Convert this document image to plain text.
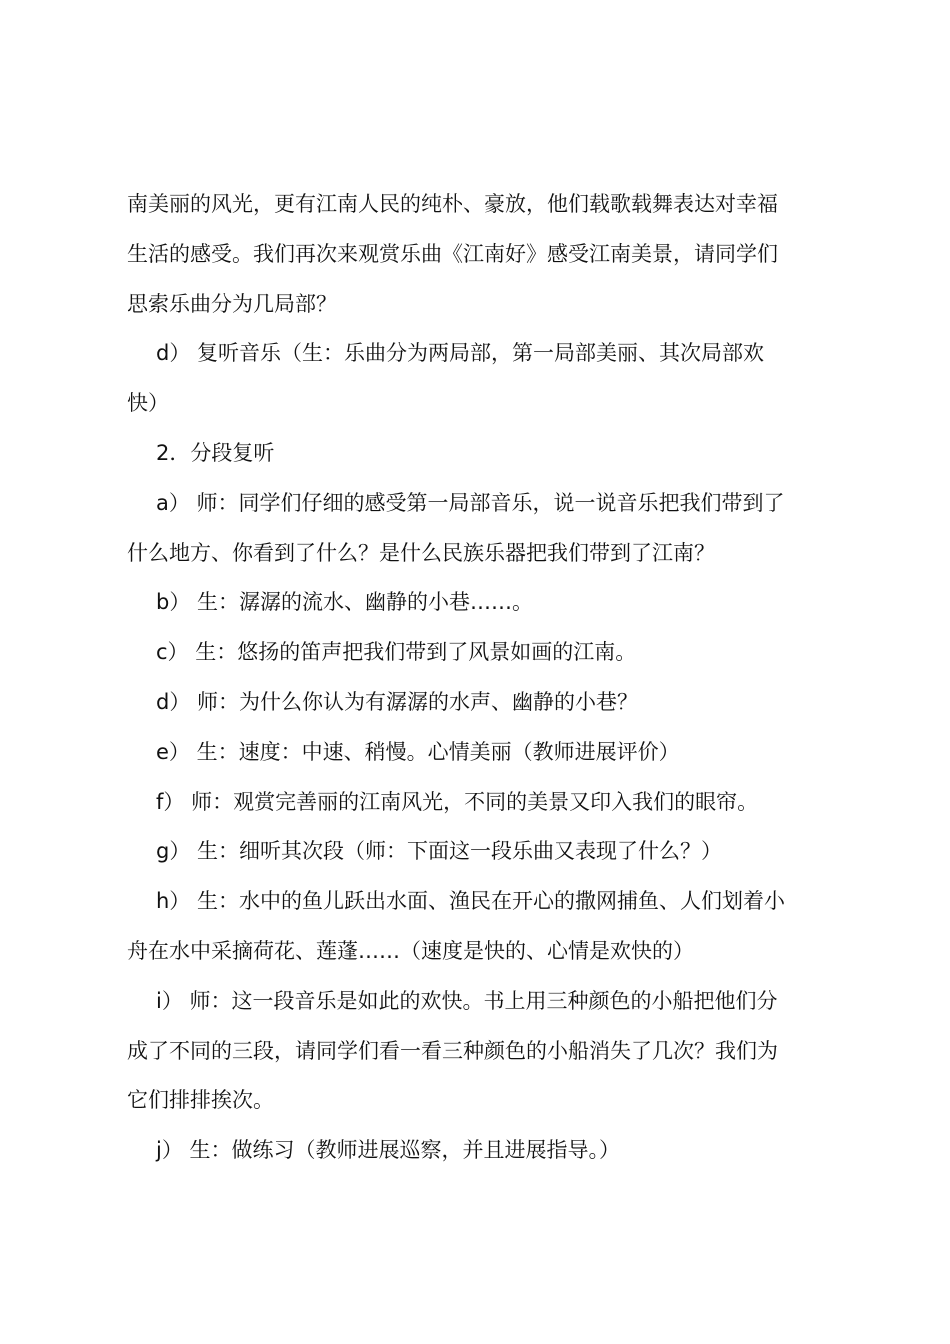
南美丽的风光，更有江南人民的纯朴、豪放，他们载歌载舞表达对幸福
生活的感受。我们再次来观赏乐曲《江南好》感受江南美景，请同学们
思索乐曲分为几局部？
d） 复听音乐（生：乐曲分为两局部，第一局部美丽、其次局部欢
快）
2．分段复听
a） 师：同学们仔细的感受第一局部音乐，说一说音乐把我们带到了
什么地方、你看到了什么？是什么民族乐器把我们带到了江南？
b） 生：潺潺的流水、幽静的小巷……。
c） 生：悠扬的笛声把我们带到了风景如画的江南。
d） 师：为什么你认为有潺潺的水声、幽静的小巷？
e） 生：速度：中速、稍慢。心情美丽（教师进展评价）
f） 师：观赏完善丽的江南风光，不同的美景又印入我们的眼帘。
g） 生：细听其次段（师：下面这一段乐曲又表现了什么？）
h） 生：水中的鱼儿跃出水面、渔民在开心的撒网捕鱼、人们划着小
舟在水中采摘荷花、莲蓬……（速度是快的、心情是欢快的）
i） 师：这一段音乐是如此的欢快。书上用三种颜色的小船把他们分
成了不同的三段，请同学们看一看三种颜色的小船消失了几次？我们为
它们排排挨次。
j） 生：做练习（教师进展巡察，并且进展指导。）
